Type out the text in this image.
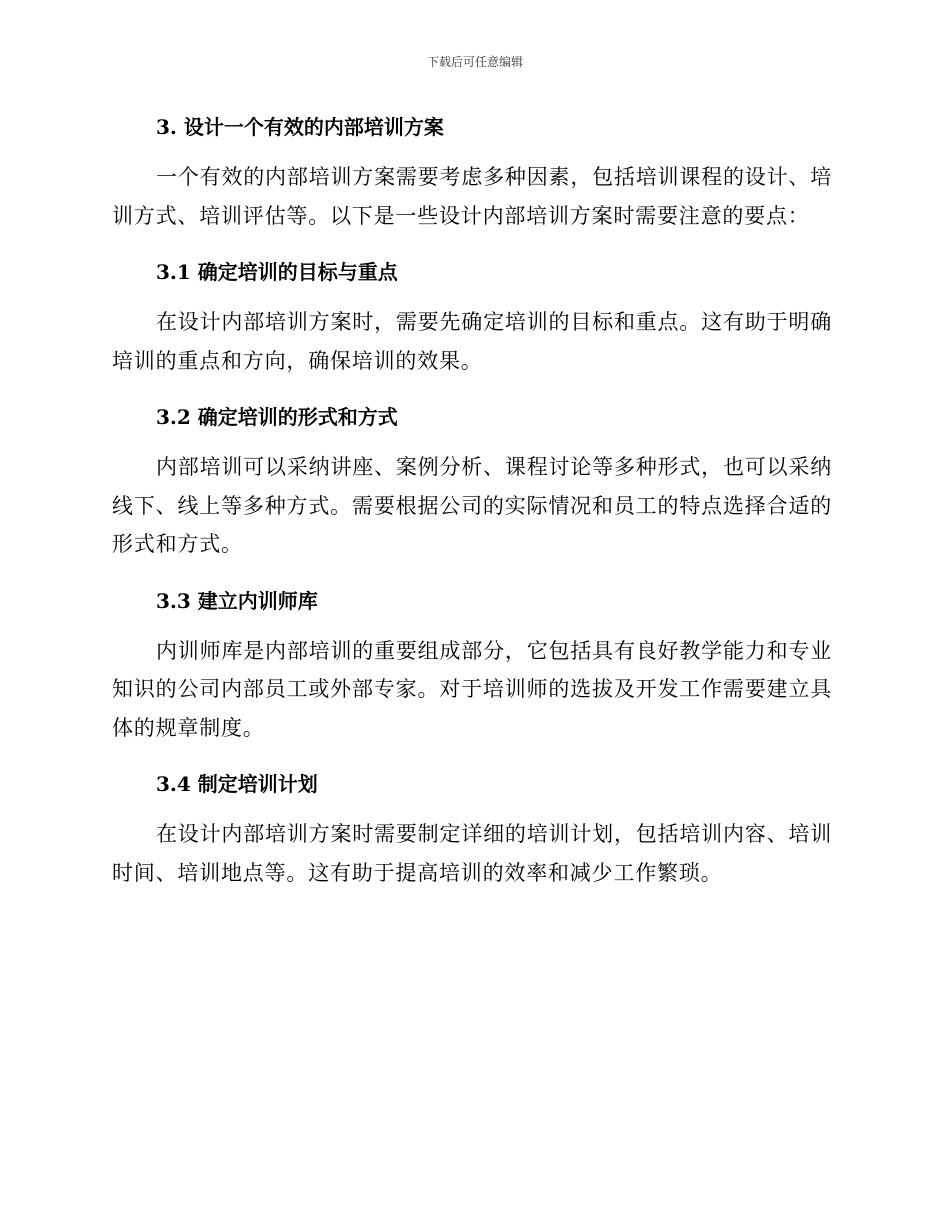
下载后可任意编辑
3. 设计一个有效的内部培训方案

一个有效的内部培训方案需要考虑多种因素，包括培训课程的设计、培训方式、培训评估等。以下是一些设计内部培训方案时需要注意的要点：

3.1 确定培训的目标与重点

在设计内部培训方案时，需要先确定培训的目标和重点。这有助于明确培训的重点和方向，确保培训的效果。

3.2 确定培训的形式和方式

内部培训可以采纳讲座、案例分析、课程讨论等多种形式，也可以采纳线下、线上等多种方式。需要根据公司的实际情况和员工的特点选择合适的形式和方式。

3.3 建立内训师库

内训师库是内部培训的重要组成部分，它包括具有良好教学能力和专业知识的公司内部员工或外部专家。对于培训师的选拔及开发工作需要建立具体的规章制度。

3.4 制定培训计划

在设计内部培训方案时需要制定详细的培训计划，包括培训内容、培训时间、培训地点等。这有助于提高培训的效率和减少工作繁琐。
